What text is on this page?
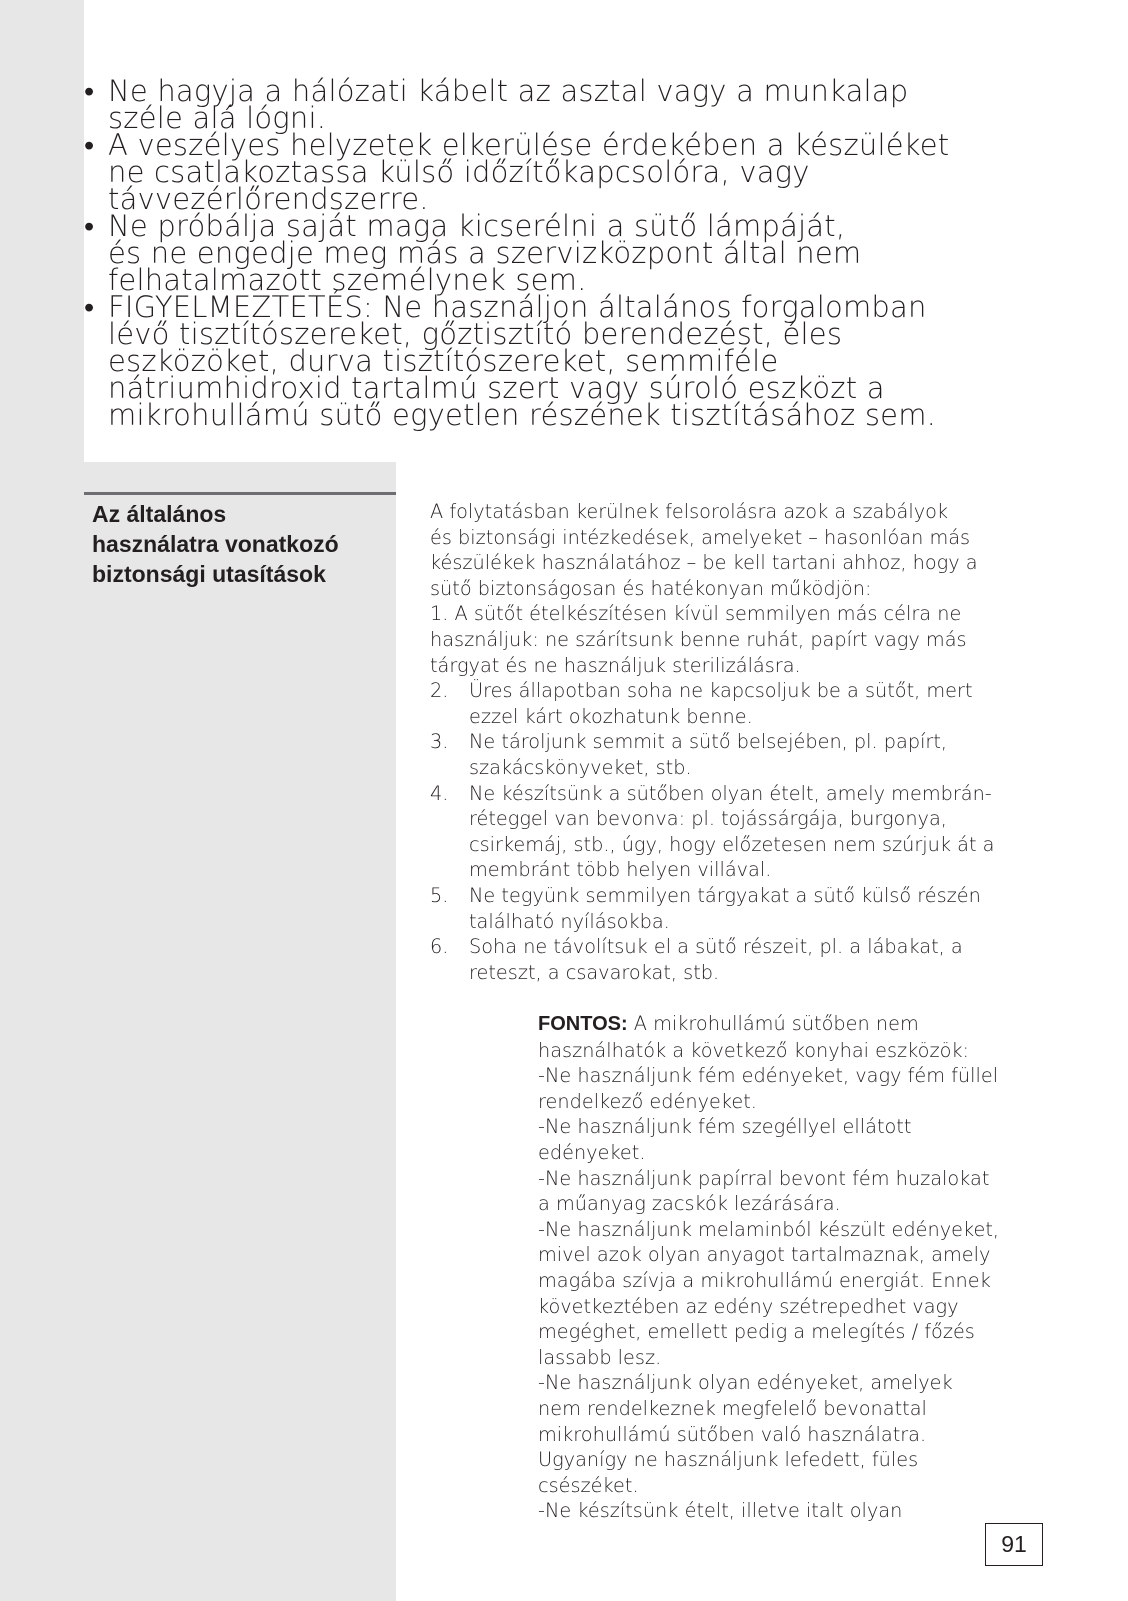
• Ne hagyja a hálózati kábelt az asztal vagy a munkalap
széle alá lógni.
• A veszélyes helyzetek elkerülése érdekében a készüléket
ne csatlakoztassa külső időzítőkapcsolóra, vagy
távvezérlőrendszerre.
• Ne próbálja saját maga kicserélni a sütő lámpáját,
és ne engedje meg más a szervizközpont által nem
felhatalmazott személynek sem.
• FIGYELMEZTETÉS: Ne használjon általános forgalomban
lévő tisztítószereket, gőztisztító berendezést, éles
eszközöket, durva tisztítószereket, semmiféle
nátriumhidroxid tartalmú szert vagy súroló eszközt a
mikrohullámú sütő egyetlen részének tisztításához sem.
Az általános
használatra vonatkozó
biztonsági utasítások

A folytatásban kerülnek felsorolásra azok a szabályok
és biztonsági intézkedések, amelyeket – hasonlóan más
készülékek használatához – be kell tartani ahhoz, hogy a
sütő biztonságosan és hatékonyan működjön:
1. A sütőt ételkészítésen kívül semmilyen más célra ne
használjuk: ne szárítsunk benne ruhát, papírt vagy más
tárgyat és ne használjuk sterilizálásra.

2. Üres állapotban soha ne kapcsoljuk be a sütőt, mert
ezzel kárt okozhatunk benne.
3. Ne tároljunk semmit a sütő belsejében, pl. papírt,
szakácskönyveket, stb.
4. Ne készítsünk a sütőben olyan ételt, amely membrán-
réteggel van bevonva: pl. tojássárgája, burgonya,
csirkemáj, stb., úgy, hogy előzetesen nem szúrjuk át a
membránt több helyen villával.
5. Ne tegyünk semmilyen tárgyakat a sütő külső részén
található nyílásokba.
6. Soha ne távolítsuk el a sütő részeit, pl. a lábakat, a
reteszt, a csavarokat, stb.

FONTOS: A mikrohullámú sütőben nem
használhatók a következő konyhai eszközök:
-Ne használjunk fém edényeket, vagy fém füllel
rendelkező edényeket.
-Ne használjunk fém szegéllyel ellátott
edényeket.
-Ne használjunk papírral bevont fém huzalokat
a műanyag zacskók lezárására.
-Ne használjunk melaminból készült edényeket,
mivel azok olyan anyagot tartalmaznak, amely
magába szívja a mikrohullámú energiát. Ennek
következtében az edény szétrepedhet vagy
megéghet, emellett pedig a melegítés / főzés
lassabb lesz.
-Ne használjunk olyan edényeket, amelyek
nem rendelkeznek megfelelő bevonattal
mikrohullámú sütőben való használatra.
Ugyanígy ne használjunk lefedett, füles
csészéket.
-Ne készítsünk ételt, illetve italt olyan

91
